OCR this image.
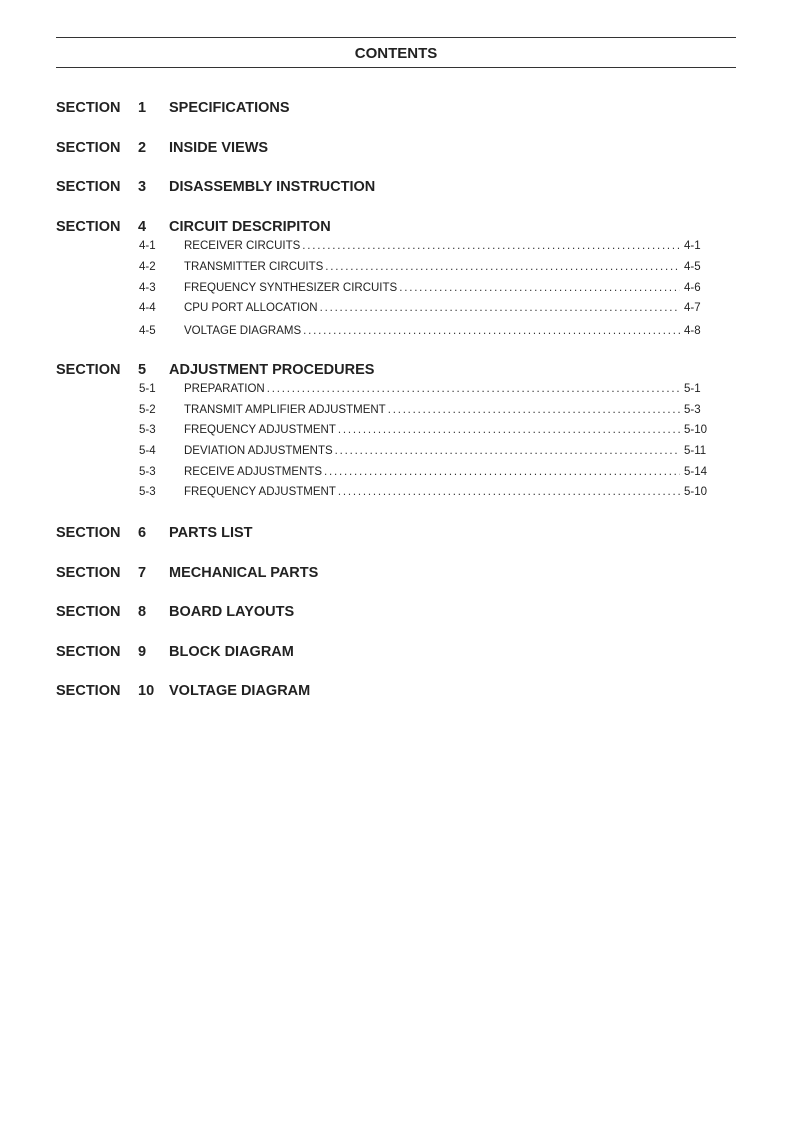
CONTENTS
SECTION 1 SPECIFICATIONS
SECTION 2 INSIDE VIEWS
SECTION 3 DISASSEMBLY INSTRUCTION
SECTION 4 CIRCUIT DESCRIPITON
4-1 RECEIVER CIRCUITS .....	4-1
4-2 TRANSMITTER CIRCUITS .....	4-5
4-3 FREQUENCY SYNTHESIZER CIRCUITS .....	4-6
4-4 CPU PORT ALLOCATION .....	4-7
4-5 VOLTAGE DIAGRAMS .....	4-8
SECTION 5 ADJUSTMENT PROCEDURES
5-1 PREPARATION .....	5-1
5-2 TRANSMIT AMPLIFIER ADJUSTMENT .....	5-3
5-3 FREQUENCY ADJUSTMENT .....	5-10
5-4 DEVIATION ADJUSTMENTS .....	5-11
5-3 RECEIVE ADJUSTMENTS .....	5-14
5-3 FREQUENCY ADJUSTMENT .....	5-10
SECTION 6 PARTS LIST
SECTION 7 MECHANICAL PARTS
SECTION 8 BOARD LAYOUTS
SECTION 9 BLOCK DIAGRAM
SECTION 10 VOLTAGE DIAGRAM
